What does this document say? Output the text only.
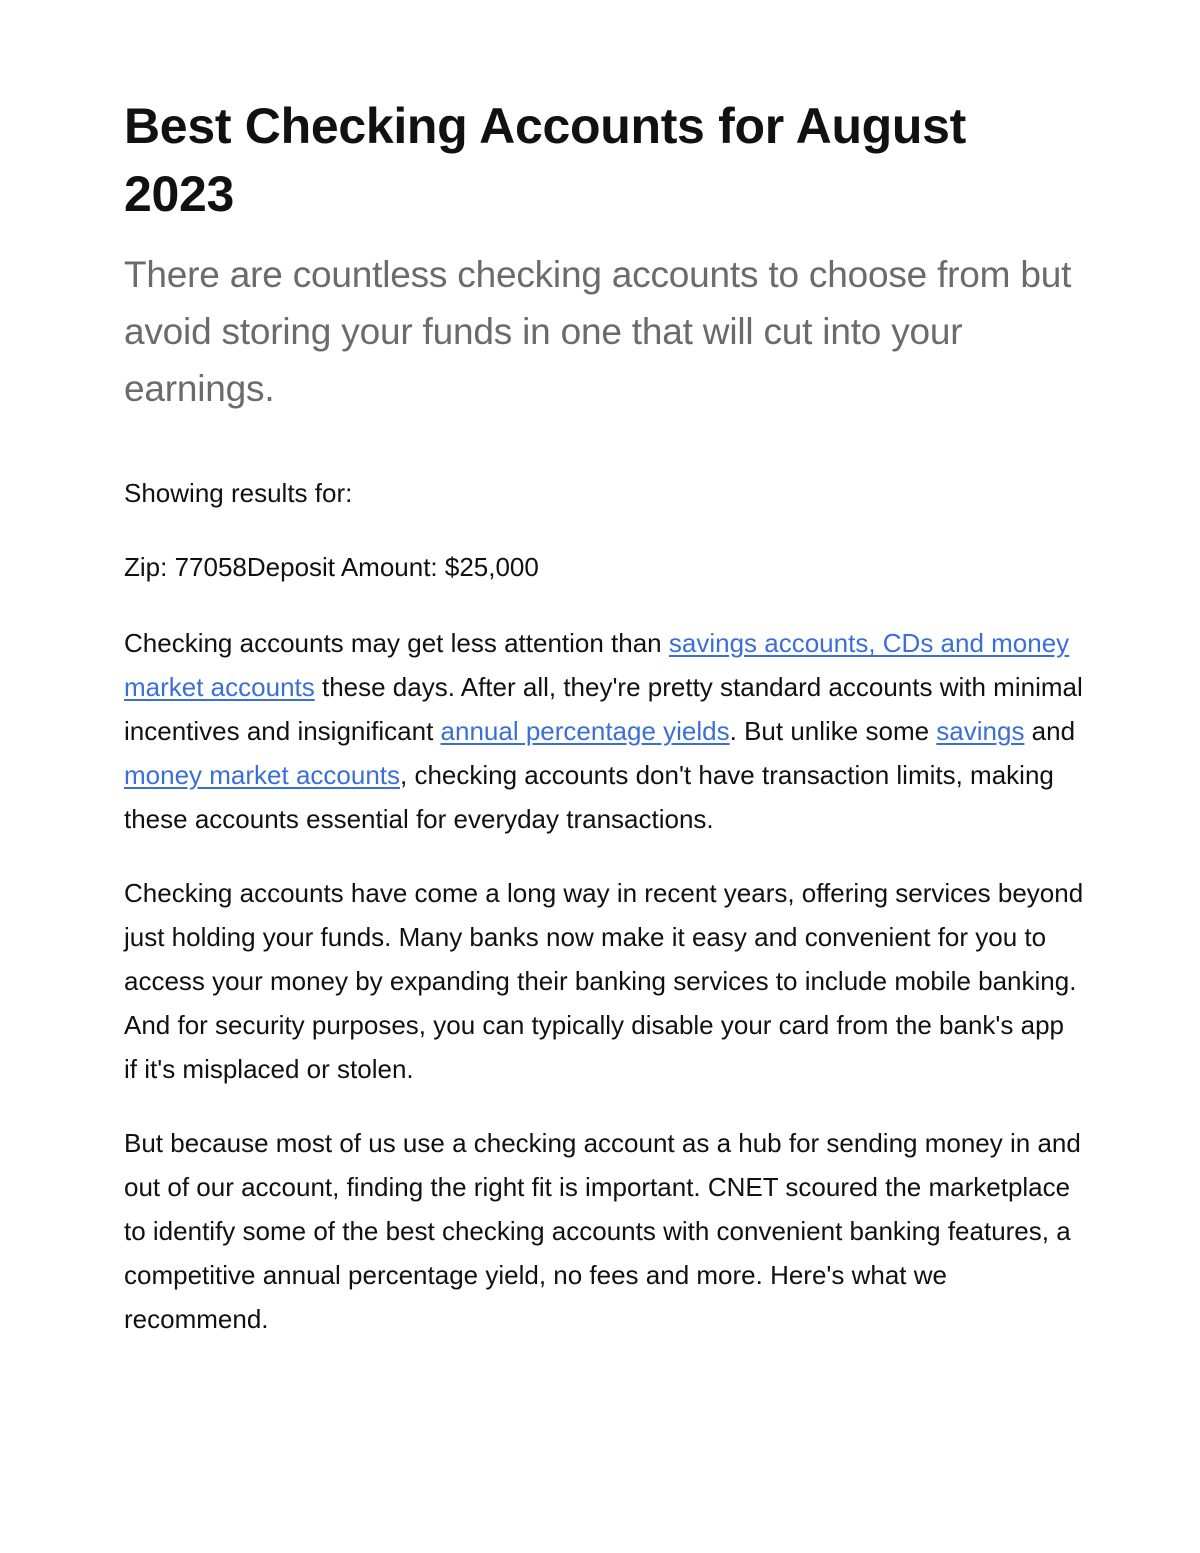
Best Checking Accounts for August 2023

There are countless checking accounts to choose from but avoid storing your funds in one that will cut into your earnings.

Showing results for:

Zip: 77058Deposit Amount: $25,000

Checking accounts may get less attention than savings accounts, CDs and money market accounts these days. After all, they're pretty standard accounts with minimal incentives and insignificant annual percentage yields. But unlike some savings and money market accounts, checking accounts don't have transaction limits, making these accounts essential for everyday transactions.

Checking accounts have come a long way in recent years, offering services beyond just holding your funds. Many banks now make it easy and convenient for you to access your money by expanding their banking services to include mobile banking. And for security purposes, you can typically disable your card from the bank's app if it's misplaced or stolen.

But because most of us use a checking account as a hub for sending money in and out of our account, finding the right fit is important. CNET scoured the marketplace to identify some of the best checking accounts with convenient banking features, a competitive annual percentage yield, no fees and more. Here's what we recommend.
